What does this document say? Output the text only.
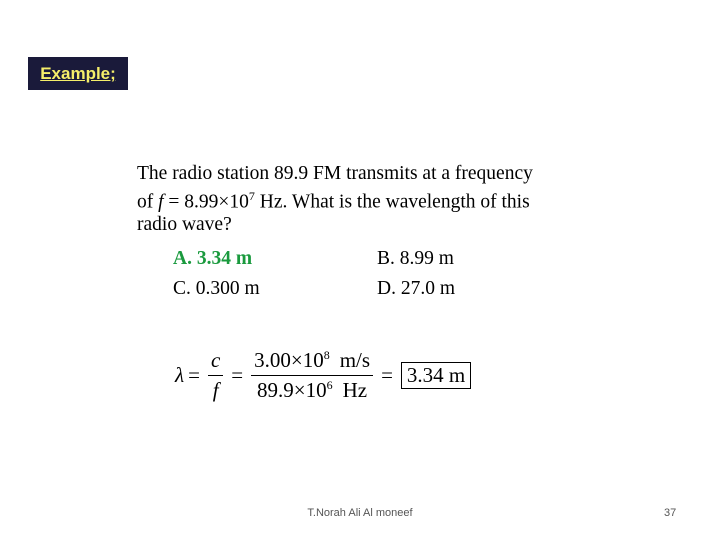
Example;
The radio station 89.9 FM transmits at a frequency
of $f = 8.99\times 10^7$ Hz. What is the wavelength of this
radio wave?
A. 3.34 m	B. 8.99 m
C. 0.300 m	D. 27.0 m
$\lambda = \frac{c}{f} = \frac{3.00\times 10^8 m/s}{89.9\times 10^6 Hz} = 3.34$ m
T.Norah Ali Al moneef	37
